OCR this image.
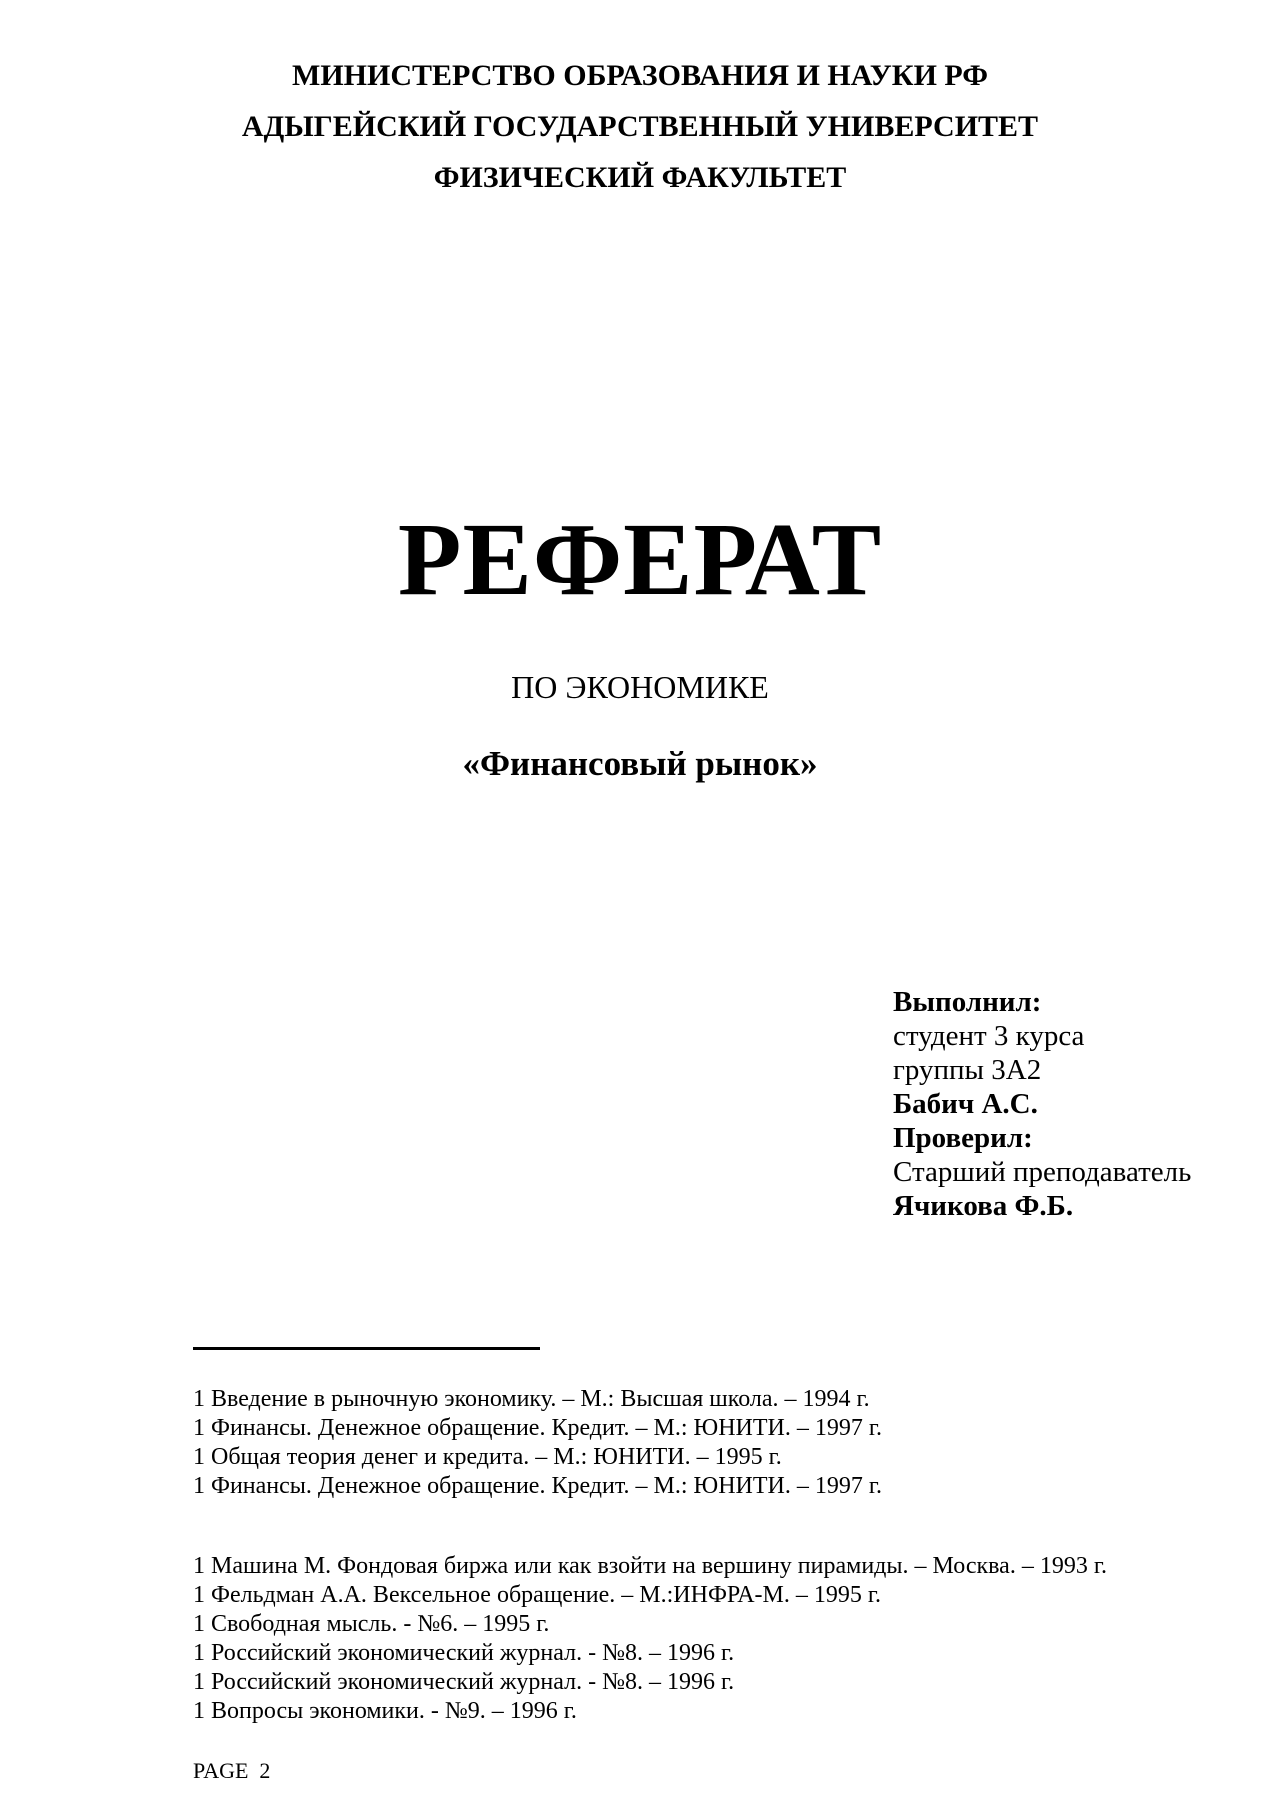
МИНИСТЕРСТВО ОБРАЗОВАНИЯ И НАУКИ РФ
АДЫГЕЙСКИЙ ГОСУДАРСТВЕННЫЙ УНИВЕРСИТЕТ
ФИЗИЧЕСКИЙ ФАКУЛЬТЕТ
РЕФЕРАТ
ПО ЭКОНОМИКЕ
«Финансовый рынок»
Выполнил:
студент 3 курса
группы 3А2
Бабич А.С.
Проверил:
Старший преподаватель
Ячикова Ф.Б.
1 Введение в рыночную экономику. – М.: Высшая школа. – 1994 г.
1 Финансы. Денежное обращение. Кредит. – М.: ЮНИТИ. – 1997 г.
1 Общая теория денег и кредита. – М.: ЮНИТИ. – 1995 г.
1 Финансы. Денежное обращение. Кредит. – М.: ЮНИТИ. – 1997 г.
1 Машина М. Фондовая биржа или как взойти на вершину пирамиды. – Москва. – 1993 г.
1 Фельдман А.А. Вексельное обращение. – М.:ИНФРА-М. – 1995 г.
1 Свободная мысль. - №6. – 1995 г.
1 Российский экономический журнал. - №8. – 1996 г.
1 Российский экономический журнал. - №8. – 1996 г.
1 Вопросы экономики. - №9. – 1996 г.
PAGE  2
